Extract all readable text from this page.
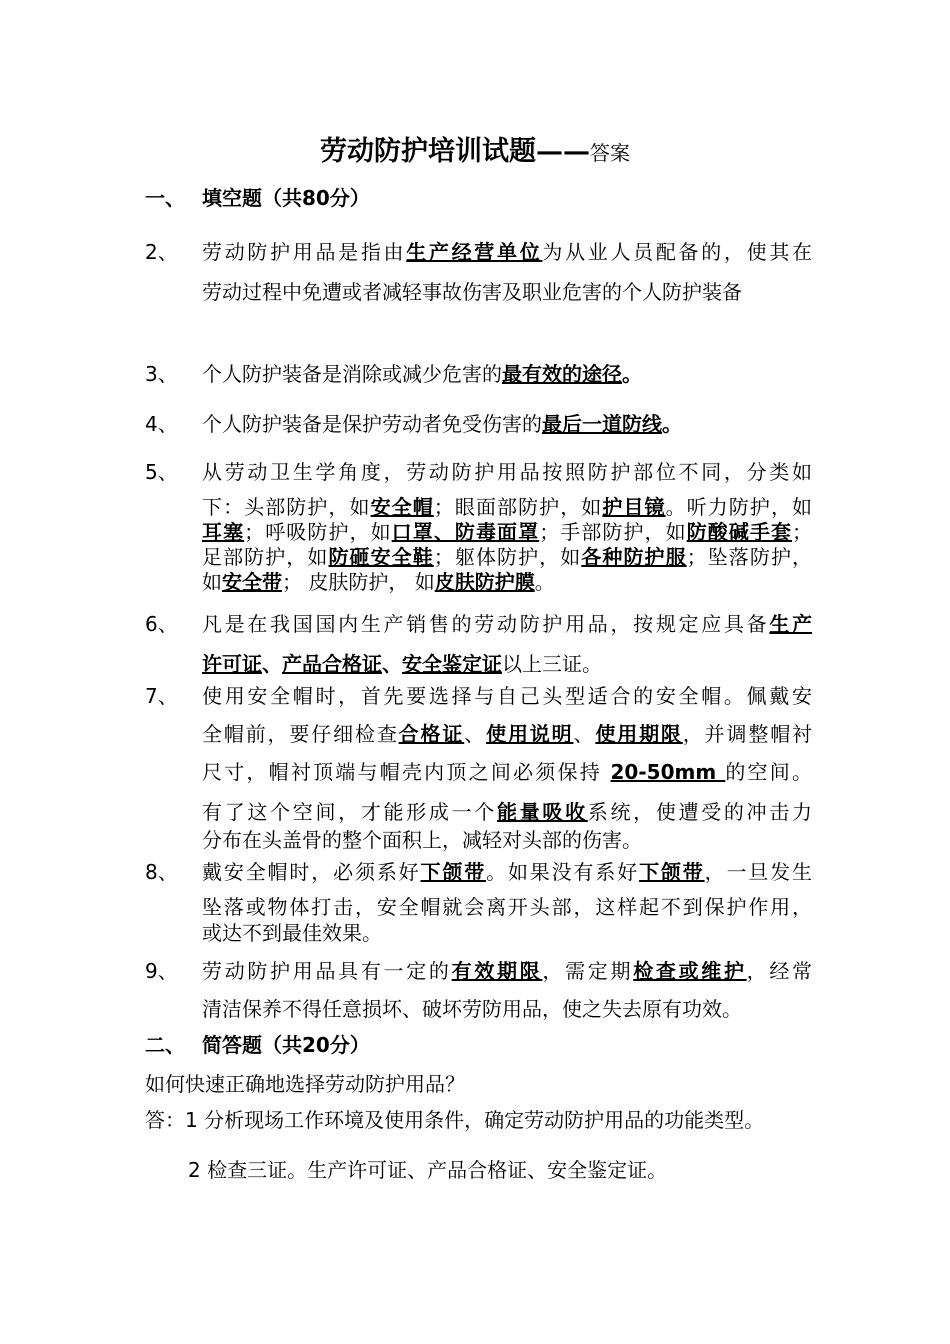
劳动防护培训试题——答案
一、 填空题（共80分）
2、	劳动防护用品是指由生产经营单位为从业人员配备的，使其在
劳动过程中免遭或者减轻事故伤害及职业危害的个人防护装备
3、	个人防护装备是消除或减少危害的最有效的途径。
4、	个人防护装备是保护劳动者免受伤害的最后一道防线。
5、	从劳动卫生学角度，劳动防护用品按照防护部位不同，分类如
下：头部防护，如安全帽；眼面部防护，如护目镜。听力防护，如
耳塞；呼吸防护，如口罩、防毒面罩；手部防护，如防酸碱手套；
足部防护，如防砸安全鞋；躯体防护，如各种防护服；坠落防护，
如安全带； 皮肤防护， 如皮肤防护膜。
6、	凡是在我国国内生产销售的劳动防护用品，按规定应具备生产
许可证、产品合格证、安全鉴定证以上三证。
7、	使用安全帽时，首先要选择与自己头型适合的安全帽。佩戴安
全帽前，要仔细检查合格证、使用说明、使用期限，并调整帽衬
尺寸，帽衬顶端与帽壳内顶之间必须保持 20-50mm 的空间。
有了这个空间，才能形成一个能量吸收系统，使遭受的冲击力
分布在头盖骨的整个面积上，减轻对头部的伤害。
8、	戴安全帽时，必须系好下颌带。如果没有系好下颌带，一旦发生
坠落或物体打击，安全帽就会离开头部，这样起不到保护作用，
或达不到最佳效果。
9、	劳动防护用品具有一定的有效期限，需定期检查或维护，经常
清洁保养不得任意损坏、破坏劳防用品，使之失去原有功效。
二、 简答题（共20分）
如何快速正确地选择劳动防护用品？
答：1 分析现场工作环境及使用条件，确定劳动防护用品的功能类型。
2 检查三证。生产许可证、产品合格证、安全鉴定证。
